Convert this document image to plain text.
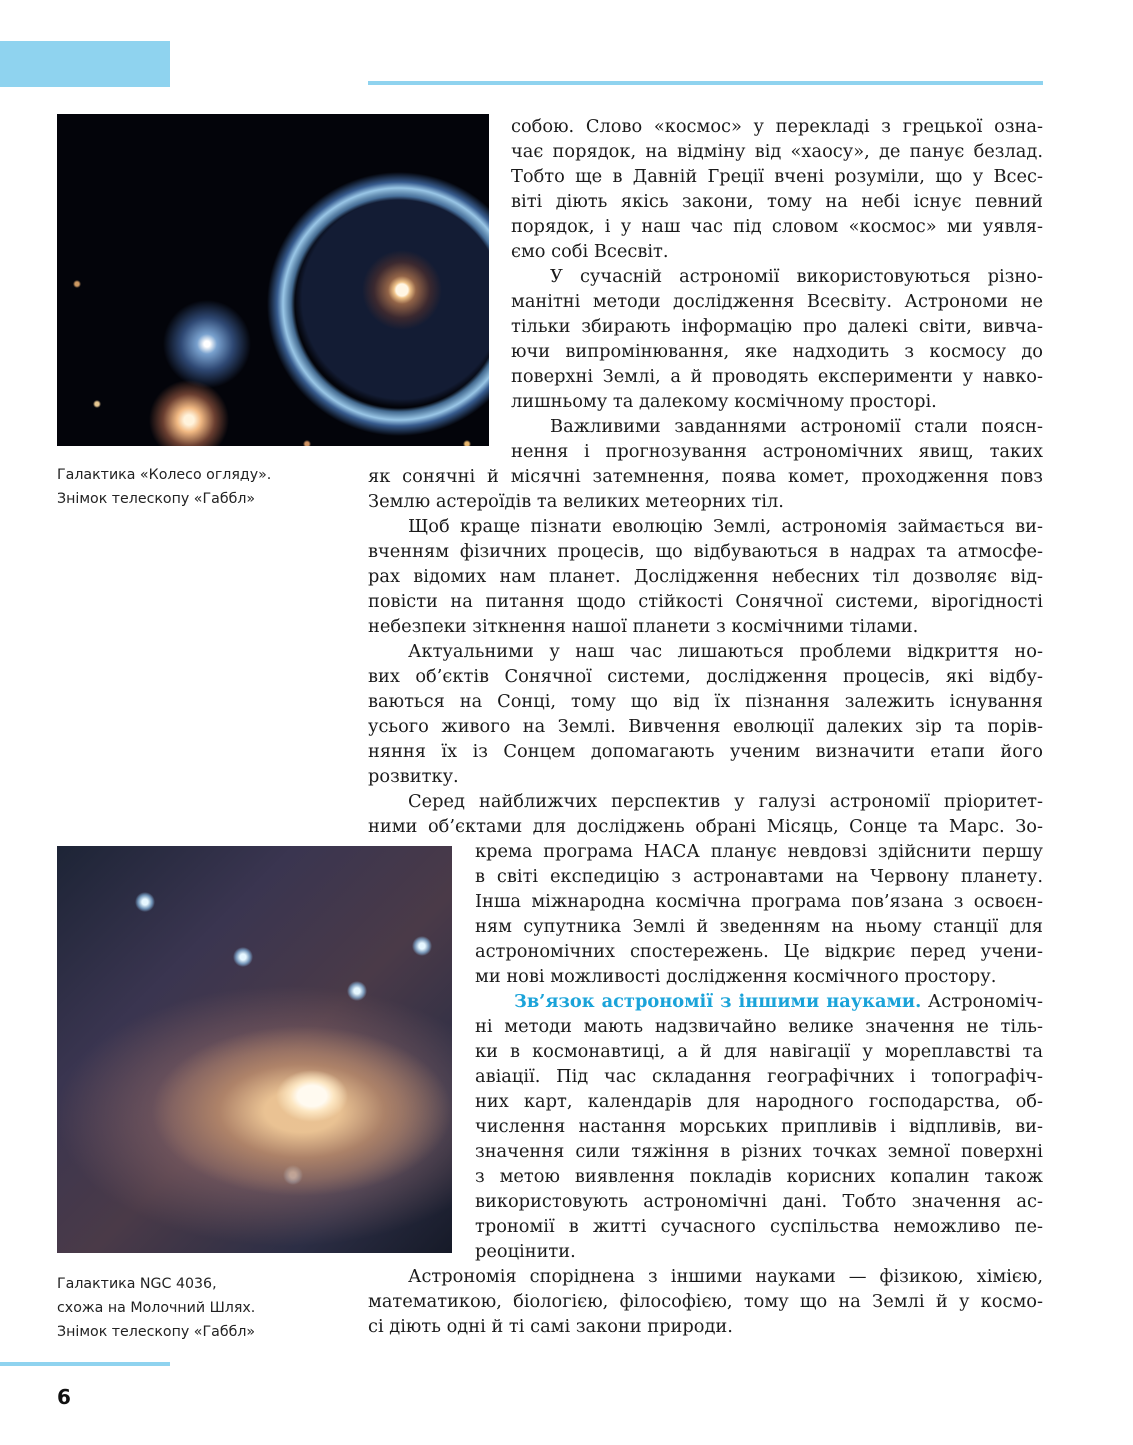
Галактика «Колесо огляду».
Знімок телескопу «Габбл»
Галактика NGC 4036,
схожа на Молочний Шлях.
Знімок телескопу «Габбл»
собою. Слово «космос» у перекладі з грецької озна-
чає порядок, на відміну від «хаосу», де панує безлад.
Тобто ще в Давній Греції вчені розуміли, що у Всес-
віті діють якісь закони, тому на небі існує певний
порядок, і у наш час під словом «космос» ми уявля-
ємо собі Всесвіт.
У сучасній астрономії використовуються різно-
манітні методи дослідження Всесвіту. Астрономи не
тільки збирають інформацію про далекі світи, вивча-
ючи випромінювання, яке надходить з космосу до
поверхні Землі, а й проводять експерименти у навко-
лишньому та далекому космічному просторі.
Важливими завданнями астрономії стали поясн-
нення і прогнозування астрономічних явищ, таких
як сонячні й місячні затемнення, поява комет, проходження повз
Землю астероїдів та великих метеорних тіл.
Щоб краще пізнати еволюцію Землі, астрономія займається ви-
вченням фізичних процесів, що відбуваються в надрах та атмосфе-
рах відомих нам планет. Дослідження небесних тіл дозволяє від-
повісти на питання щодо стійкості Сонячної системи, вірогідності
небезпеки зіткнення нашої планети з космічними тілами.
Актуальними у наш час лишаються проблеми відкриття но-
вих об’єктів Сонячної системи, дослідження процесів, які відбу-
ваються на Сонці, тому що від їх пізнання залежить існування
усього живого на Землі. Вивчення еволюції далеких зір та порів-
няння їх із Сонцем допомагають ученим визначити етапи його
розвитку.
Серед найближчих перспектив у галузі астрономії пріоритет-
ними об’єктами для досліджень обрані Місяць, Сонце та Марс. Зо-
крема програма НАСА планує невдовзі здійснити першу
в світі експедицію з астронавтами на Червону планету.
Інша міжнародна космічна програма пов’язана з освоєн-
ням супутника Землі й зведенням на ньому станції для
астрономічних спостережень. Це відкриє перед учени-
ми нові можливості дослідження космічного простору.
Зв’язок астрономії з іншими науками. Астрономіч-
ні методи мають надзвичайно велике значення не тіль-
ки в космонавтиці, а й для навігації у мореплавстві та
авіації. Під час складання географічних і топографіч-
них карт, календарів для народного господарства, об-
числення настання морських припливів і відпливів, ви-
значення сили тяжіння в різних точках земної поверхні
з метою виявлення покладів корисних копалин також
використовують астрономічні дані. Тобто значення ас-
трономії в житті сучасного суспільства неможливо пе-
реоцінити.
Астрономія споріднена з іншими науками — фізикою, хімією,
математикою, біологією, філософією, тому що на Землі й у космо-
сі діють одні й ті самі закони природи.
6
